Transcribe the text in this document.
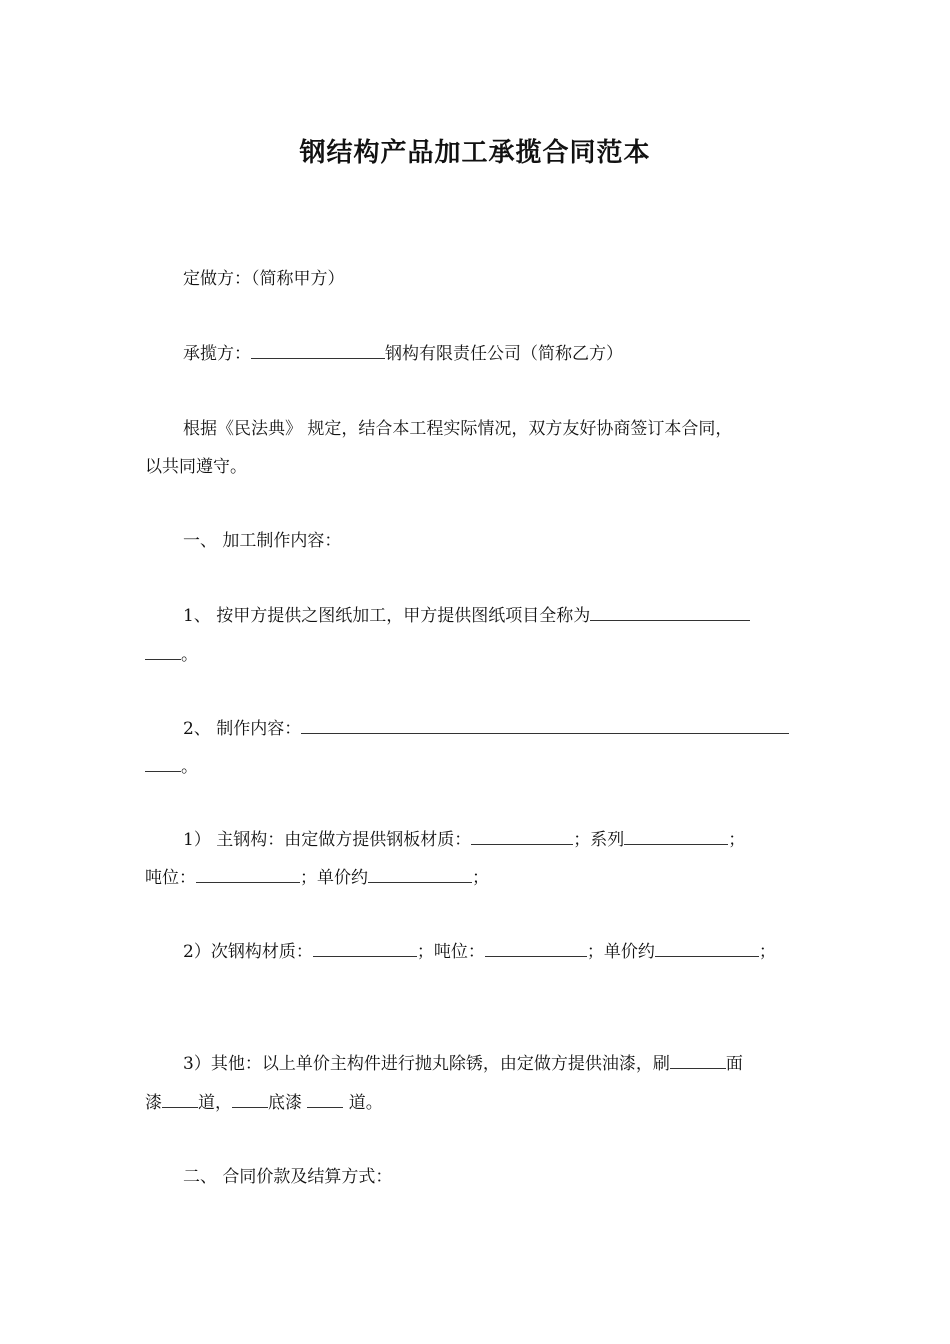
钢结构产品加工承揽合同范本
定做方：（简称甲方）
承揽方：	钢构有限责任公司（简称乙方）
根据《民法典》 规定，结合本工程实际情况，双方友好协商签订本合同，
以共同遵守。
一、 加工制作内容：
1、 按甲方提供之图纸加工，甲方提供图纸项目全称为
。
2、 制作内容：
。
1） 主钢构：由定做方提供钢板材质：	；系列	；
吨位：	；单价约	；
2）次钢构材质：	；吨位：	；单价约	；
3）其他：以上单价主构件进行抛丸除锈，由定做方提供油漆，刷	面
漆 道， 底漆  道。
二、 合同价款及结算方式：
